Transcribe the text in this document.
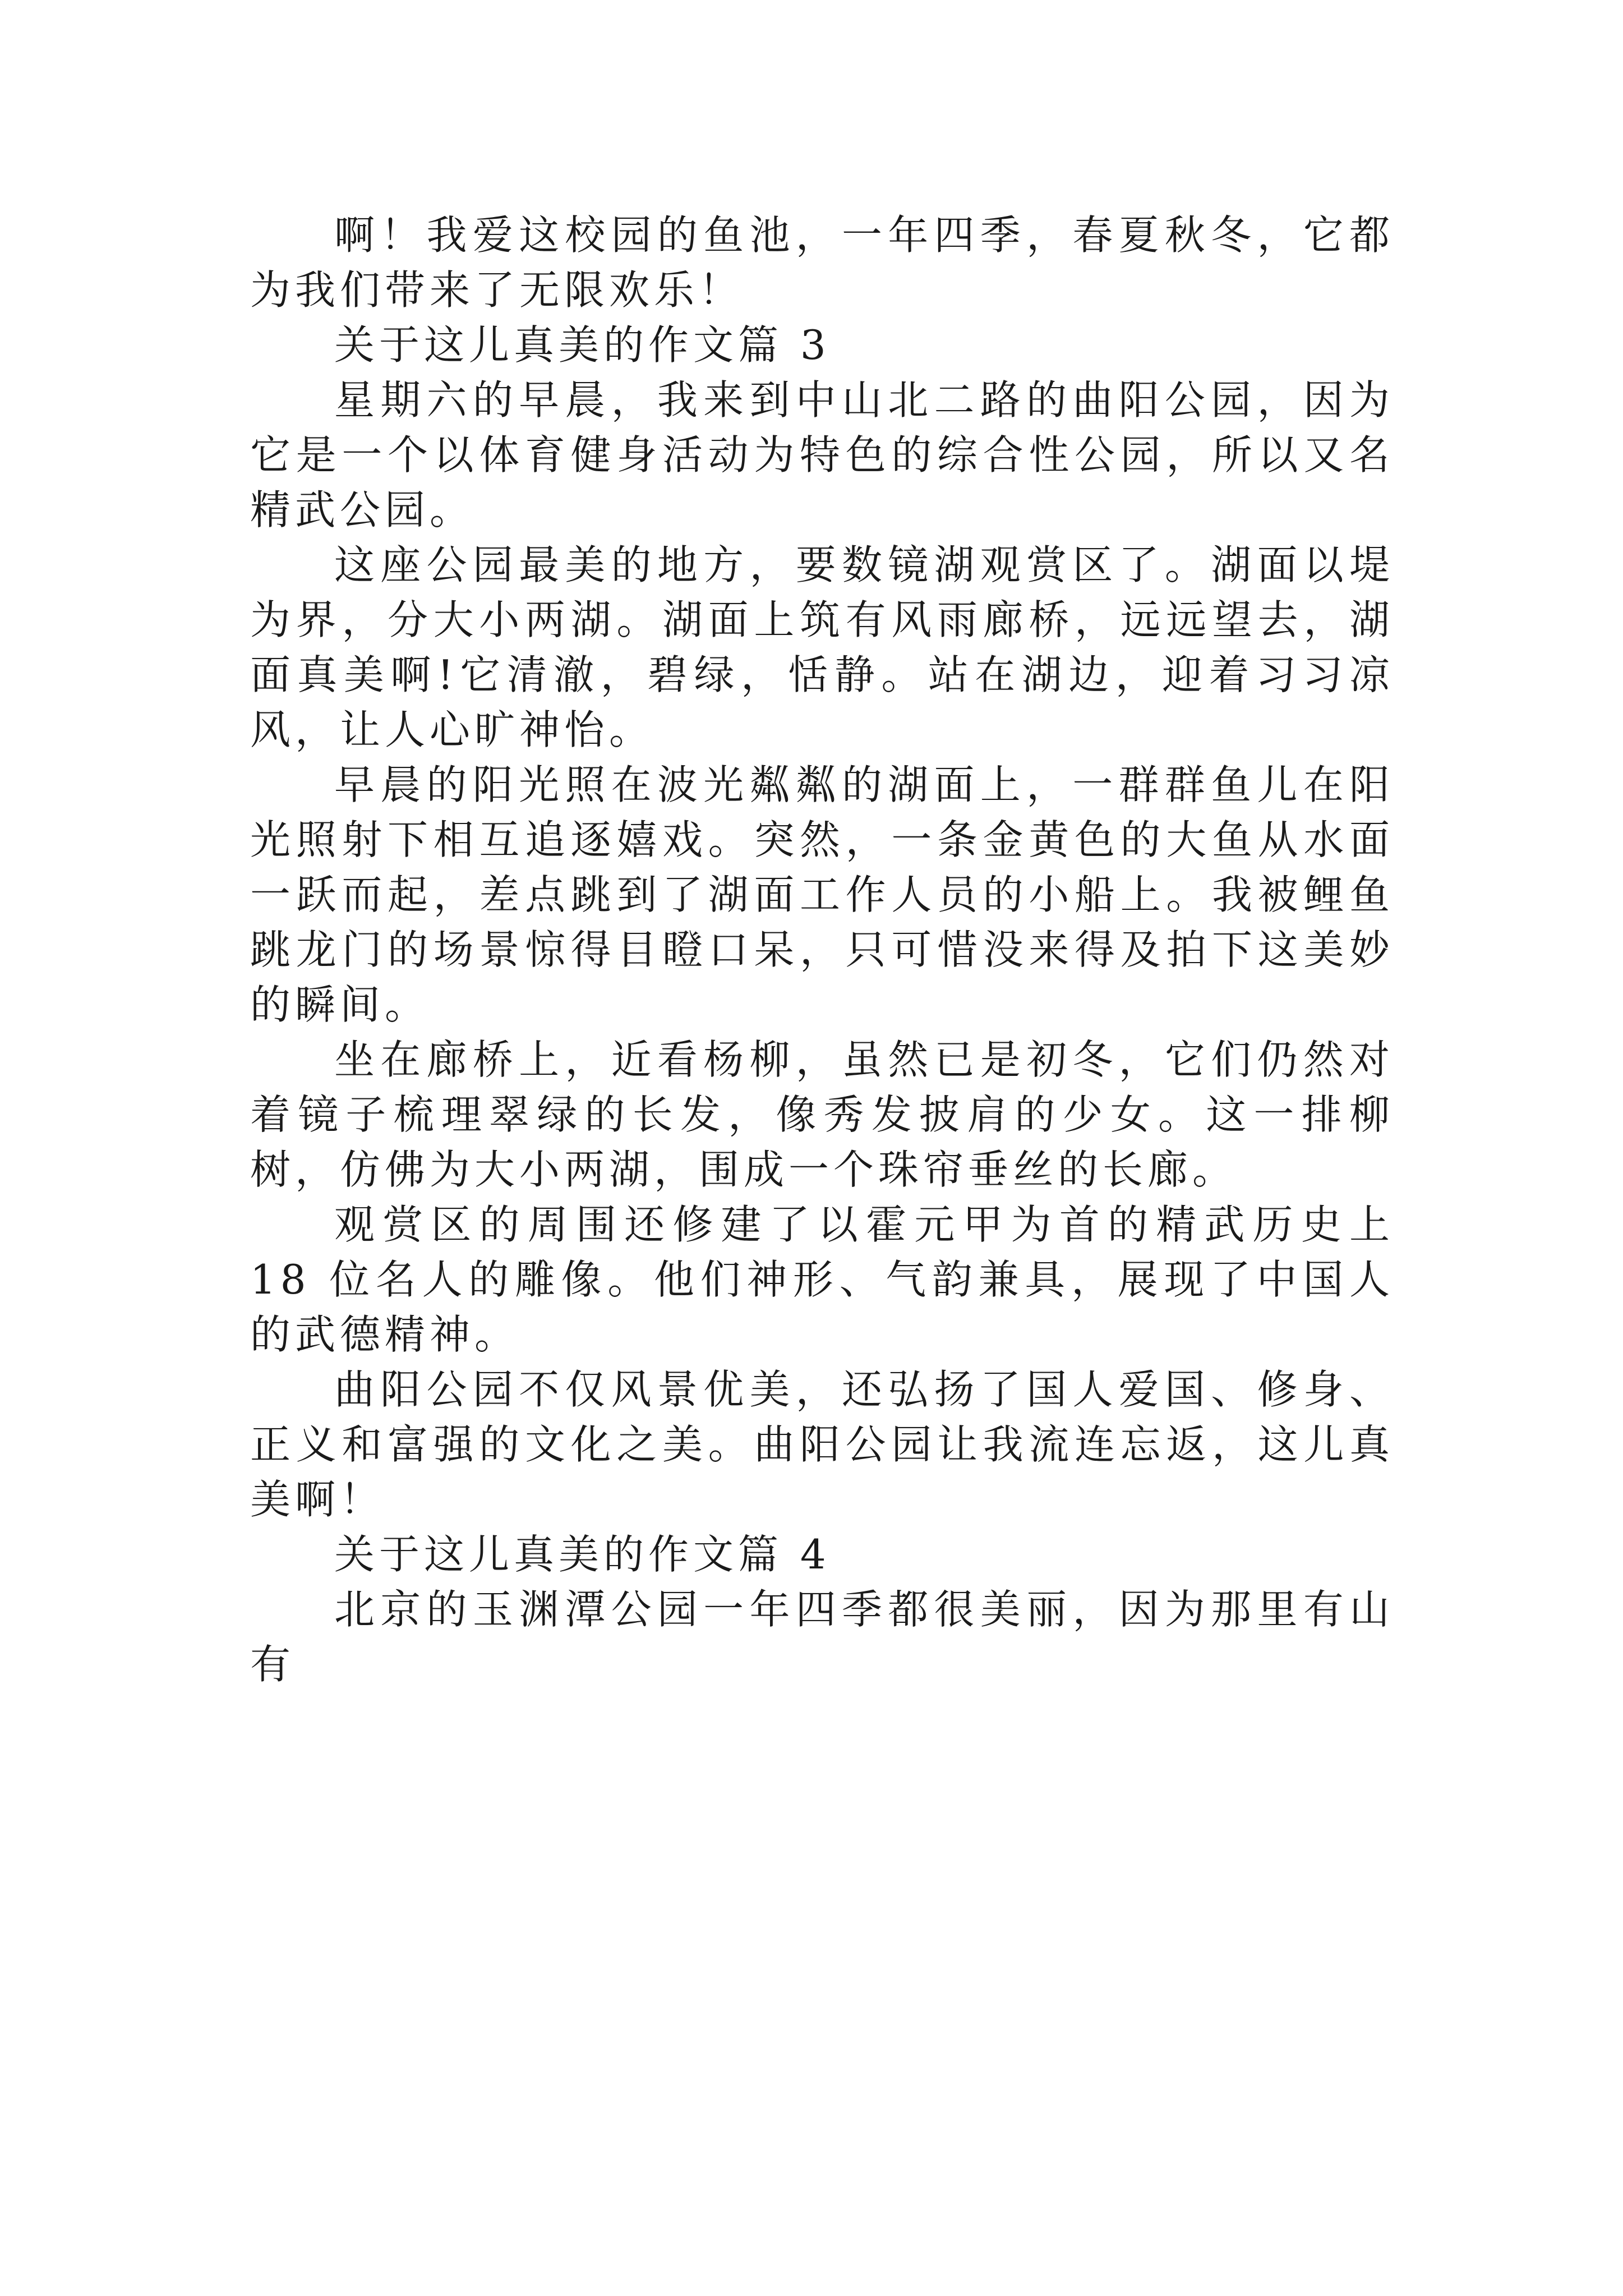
啊！我爱这校园的鱼池，一年四季，春夏秋冬，它都为我们带来了无限欢乐！

关于这儿真美的作文篇 3

星期六的早晨，我来到中山北二路的曲阳公园，因为它是一个以体育健身活动为特色的综合性公园，所以又名精武公园。

这座公园最美的地方，要数镜湖观赏区了。湖面以堤为界，分大小两湖。湖面上筑有风雨廊桥，远远望去，湖面真美啊!它清澈，碧绿，恬静。站在湖边，迎着习习凉风，让人心旷神怡。

早晨的阳光照在波光粼粼的湖面上，一群群鱼儿在阳光照射下相互追逐嬉戏。突然，一条金黄色的大鱼从水面一跃而起，差点跳到了湖面工作人员的小船上。我被鲤鱼跳龙门的场景惊得目瞪口呆，只可惜没来得及拍下这美妙的瞬间。

坐在廊桥上，近看杨柳，虽然已是初冬，它们仍然对着镜子梳理翠绿的长发，像秀发披肩的少女。这一排柳树，仿佛为大小两湖，围成一个珠帘垂丝的长廊。

观赏区的周围还修建了以霍元甲为首的精武历史上 18 位名人的雕像。他们神形、气韵兼具，展现了中国人的武德精神。

曲阳公园不仅风景优美，还弘扬了国人爱国、修身、正义和富强的文化之美。曲阳公园让我流连忘返，这儿真美啊！

关于这儿真美的作文篇 4

北京的玉渊潭公园一年四季都很美丽，因为那里有山有
